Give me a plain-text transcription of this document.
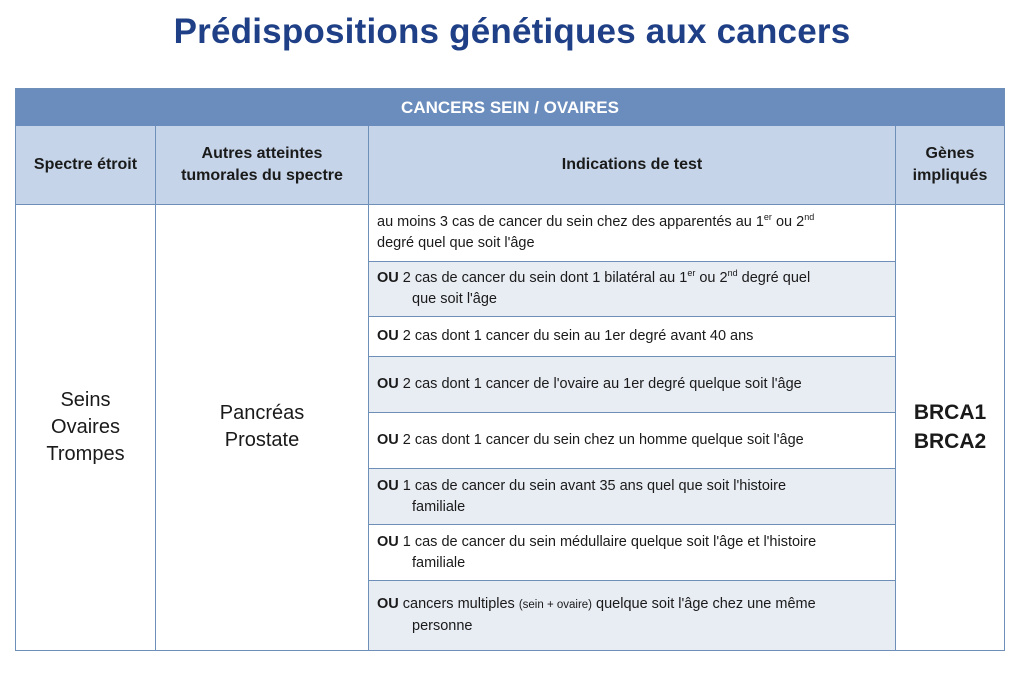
Prédispositions génétiques aux cancers
CANCERS SEIN / OVAIRES
Spectre étroit
Autres atteintes
tumorales du spectre
Indications de test
Gènes
impliqués
Seins
Ovaires
Trompes
Pancréas
Prostate
BRCA1
BRCA2
au moins 3 cas de cancer du sein chez des apparentés au 1er ou 2nd
degré quel que soit l'âge
OU 2 cas de cancer du sein dont 1 bilatéral au 1er ou 2nd degré quel
que soit l'âge
OU 2 cas dont 1 cancer du sein au 1er degré avant 40 ans
OU 2 cas dont 1 cancer de l'ovaire au 1er degré quelque soit l'âge
OU 2 cas dont 1 cancer du sein chez un homme quelque soit l'âge
OU 1 cas de cancer du sein avant 35 ans quel que soit l'histoire
familiale
OU 1 cas de cancer du sein médullaire quelque soit l'âge et l'histoire
familiale
OU cancers multiples (sein + ovaire) quelque soit l'âge chez une même
personne
